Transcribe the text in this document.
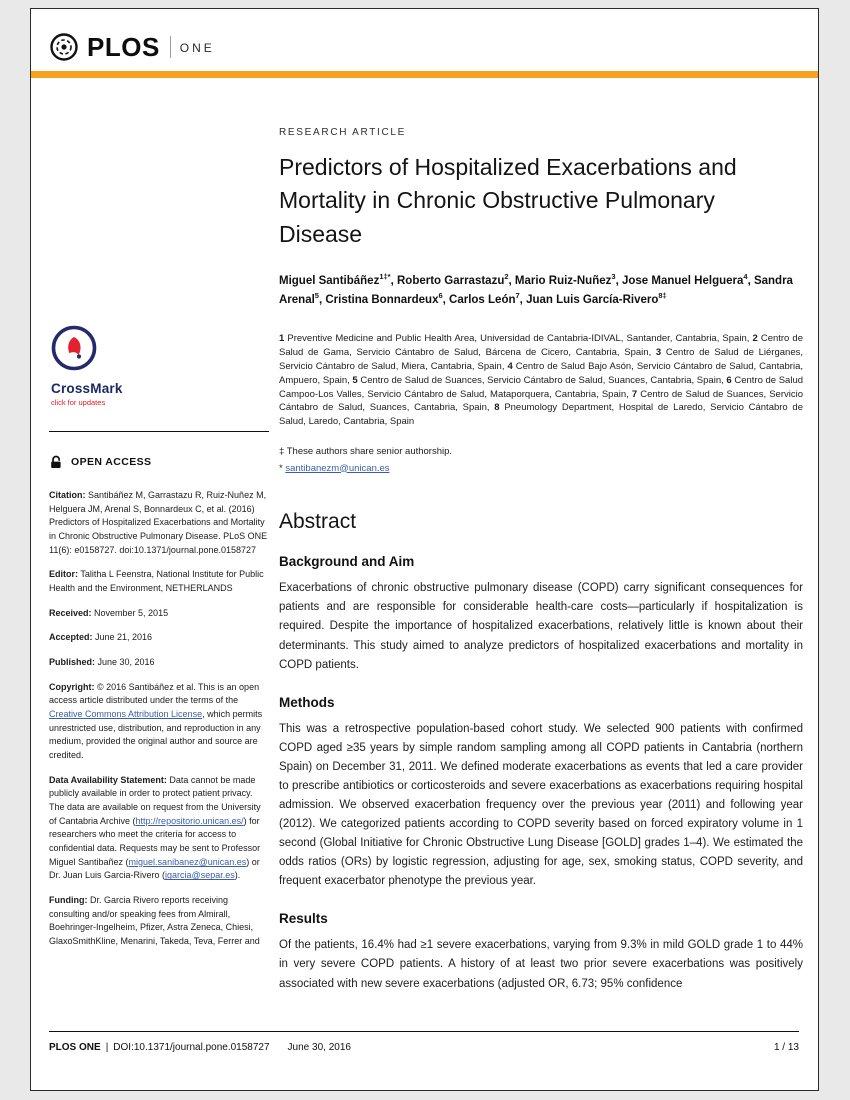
PLOS ONE
CrossMark
click for updates
OPEN ACCESS

Citation: Santibáñez M, Garrastazu R, Ruiz-Nuñez M, Helguera JM, Arenal S, Bonnardeux C, et al. (2016) Predictors of Hospitalized Exacerbations and Mortality in Chronic Obstructive Pulmonary Disease. PLoS ONE 11(6): e0158727. doi:10.1371/journal.pone.0158727

Editor: Talitha L Feenstra, National Institute for Public Health and the Environment, NETHERLANDS

Received: November 5, 2015

Accepted: June 21, 2016

Published: June 30, 2016

Copyright: © 2016 Santibáñez et al. This is an open access article distributed under the terms of the Creative Commons Attribution License, which permits unrestricted use, distribution, and reproduction in any medium, provided the original author and source are credited.

Data Availability Statement: Data cannot be made publicly available in order to protect patient privacy. The data are available on request from the University of Cantabria Archive (http://repositorio.unican.es/) for researchers who meet the criteria for access to confidential data. Requests may be sent to Professor Miguel Santibañez (miguel.sanibanez@unican.es) or Dr. Juan Luis Garcia-Rivero (jgarcia@separ.es).

Funding: Dr. Garcia Rivero reports receiving consulting and/or speaking fees from Almirall, Boehringer-Ingelheim, Pfizer, Astra Zeneca, Chiesi, GlaxoSmithKline, Menarini, Takeda, Teva, Ferrer and

RESEARCH ARTICLE
Predictors of Hospitalized Exacerbations and Mortality in Chronic Obstructive Pulmonary Disease

Miguel Santibáñez$^{1\ddagger*}$, Roberto Garrastazu$^2$, Mario Ruiz-Nuñez$^3$, Jose Manuel Helguera$^4$, Sandra Arenal$^5$, Cristina Bonnardeux$^6$, Carlos León$^7$, Juan Luis García-Rivero$^{8\ddagger}$

1 Preventive Medicine and Public Health Area, Universidad de Cantabria-IDIVAL, Santander, Cantabria, Spain, 2 Centro de Salud de Gama, Servicio Cántabro de Salud, Bárcena de Cicero, Cantabria, Spain, 3 Centro de Salud de Liérganes, Servicio Cántabro de Salud, Miera, Cantabria, Spain, 4 Centro de Salud Bajo Asón, Servicio Cántabro de Salud, Cantabria, Ampuero, Spain, 5 Centro de Salud de Suances, Servicio Cántabro de Salud, Suances, Cantabria, Spain, 6 Centro de Salud Campoo-Los Valles, Servicio Cántabro de Salud, Mataporquera, Cantabria, Spain, 7 Centro de Salud de Suances, Servicio Cántabro de Salud, Suances, Cantabria, Spain, 8 Pneumology Department, Hospital de Laredo, Servicio Cántabro de Salud, Laredo, Cantabria, Spain

‡ These authors share senior authorship.

* santibanezm@unican.es

Abstract
Background and Aim

Exacerbations of chronic obstructive pulmonary disease (COPD) carry significant consequences for patients and are responsible for considerable health-care costs—particularly if hospitalization is required. Despite the importance of hospitalized exacerbations, relatively little is known about their determinants. This study aimed to analyze predictors of hospitalized exacerbations and mortality in COPD patients.

Methods

This was a retrospective population-based cohort study. We selected 900 patients with confirmed COPD aged ≥35 years by simple random sampling among all COPD patients in Cantabria (northern Spain) on December 31, 2011. We defined moderate exacerbations as events that led a care provider to prescribe antibiotics or corticosteroids and severe exacerbations as exacerbations requiring hospital admission. We observed exacerbation frequency over the previous year (2011) and following year (2012). We categorized patients according to COPD severity based on forced expiratory volume in 1 second (Global Initiative for Chronic Obstructive Lung Disease [GOLD] grades 1–4). We estimated the odds ratios (ORs) by logistic regression, adjusting for age, sex, smoking status, COPD severity, and frequent exacerbator phenotype the previous year.

Results

Of the patients, 16.4% had ≥1 severe exacerbations, varying from 9.3% in mild GOLD grade 1 to 44% in very severe COPD patients. A history of at least two prior severe exacerbations was positively associated with new severe exacerbations (adjusted OR, 6.73; 95% confidence

PLOS ONE | DOI:10.1371/journal.pone.0158727 June 30, 2016	1 / 13
